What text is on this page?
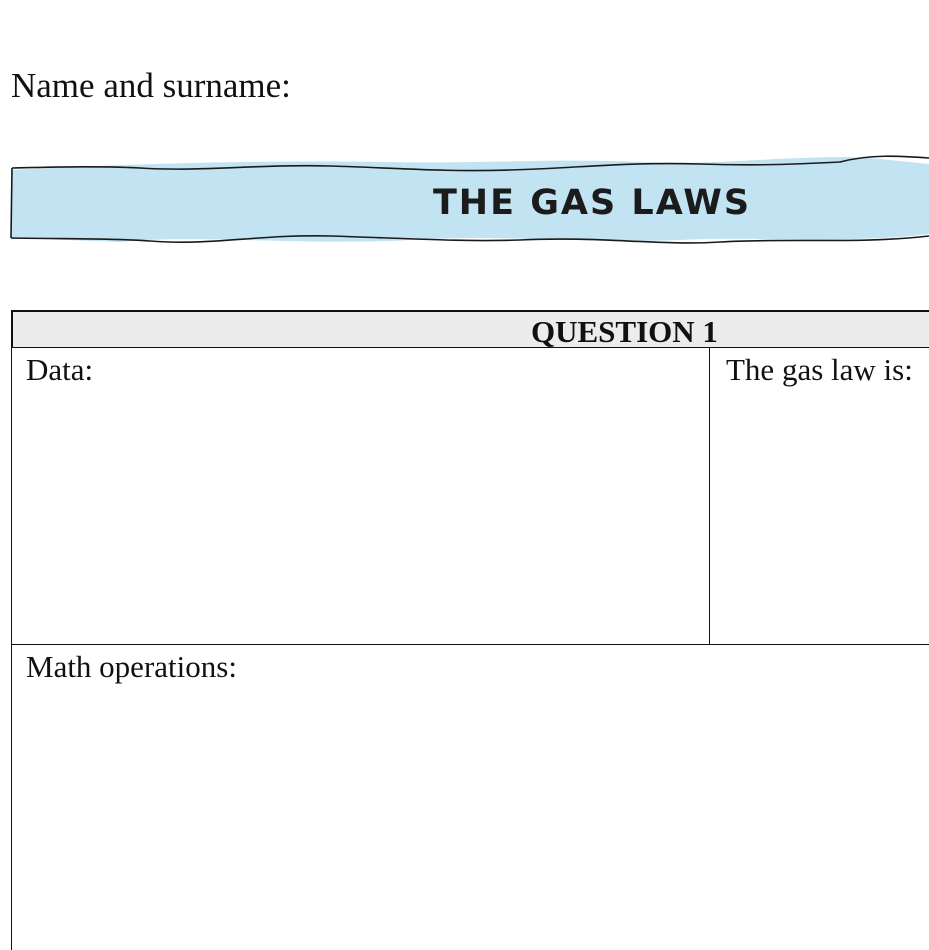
Name and surname:
THE GAS LAWS
QUESTION 1
Data:	The gas law is:
Math operations:
